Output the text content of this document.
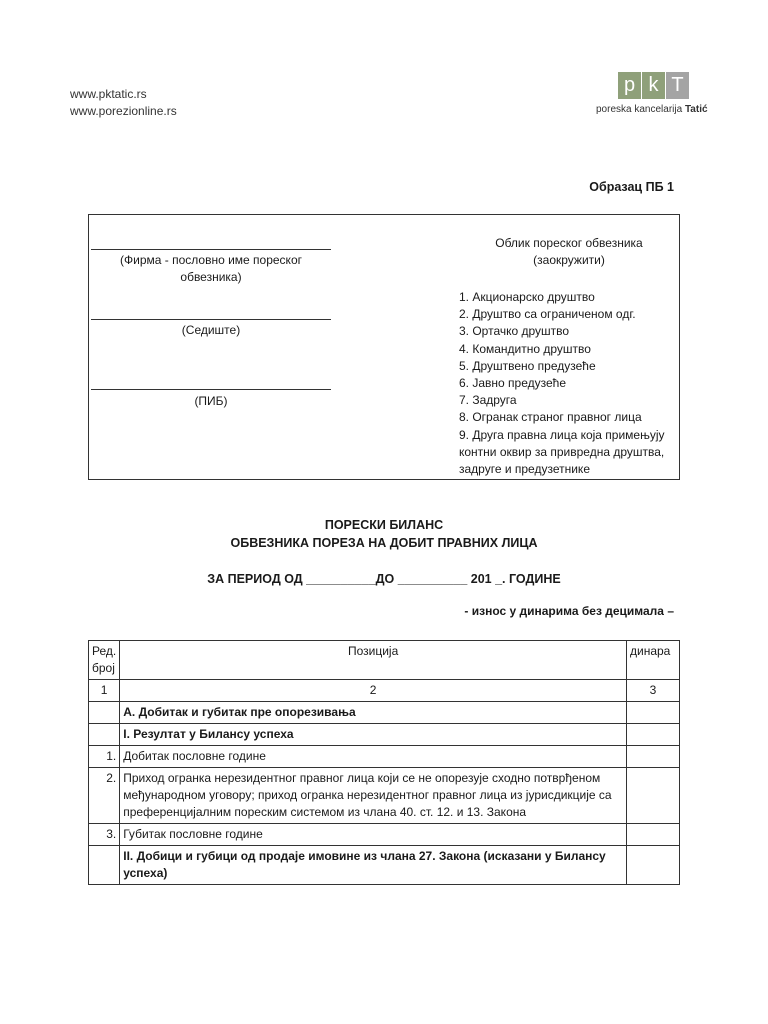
www.pktatic.rs
www.porezionline.rs
p k T
poreska kancelarija Tatić
Образац ПБ 1
(Фирма - пословно име пореског обвезника)
(Седиште)
(ПИБ)
Облик пореског обвезника
(заокружити)
1. Акционарско друштво
2. Друштво са ограниченом одг.
3. Ортачко друштво
4. Командитно друштво
5. Друштвено предузеће
6. Јавно предузеће
7. Задруга
8. Огранак страног правног лица
9. Друга правна лица која примењују контни оквир за привредна друштва, задруге и предузетнике
ПОРЕСКИ БИЛАНС
ОБВЕЗНИКА ПОРЕЗА НА ДОБИТ ПРАВНИХ ЛИЦА
ЗА ПЕРИОД ОД __________ДО __________ 201 _. ГОДИНЕ
- износ у динарима без децимала –
Ред. број	Позиција	динара
1	2	3
	А. Добитак и губитак пре опорезивања	
	I. Резултат у Билансу успеха	
1.	Добитак пословне године	
2.	Приход огранка нерезидентног правног лица који се не опорезује сходно потврђеном међународном уговору; приход огранка нерезидентног правног лица из јурисдикције са преференцијалним пореским системом из члана 40. ст. 12. и 13. Закона	
3.	Губитак пословне године	
	II. Добици и губици од продаје имовине из члана 27. Закона (исказани у Билансу успеха)	
